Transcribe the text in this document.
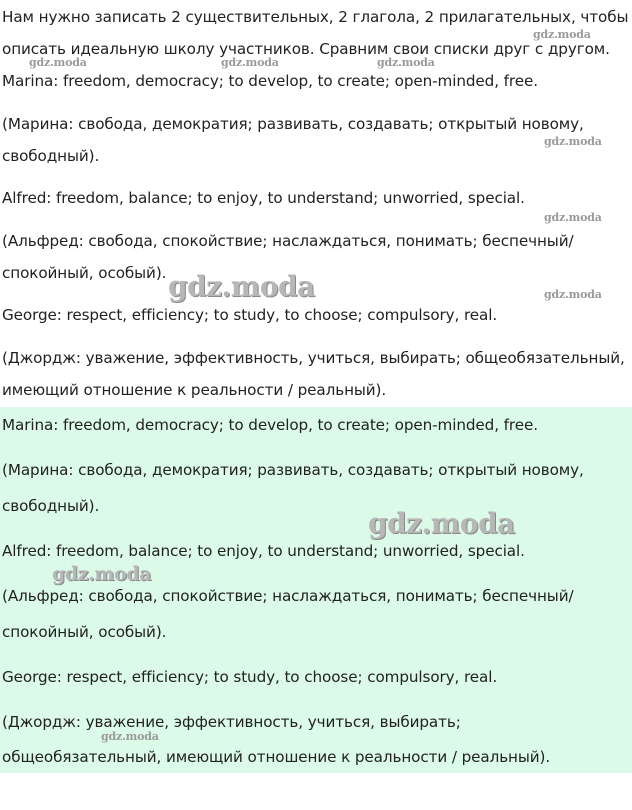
Нам нужно записать 2 существительных, 2 глагола, 2 прилагательных, чтобы

описать идеальную школу участников. Сравним свои списки друг с другом.

Marina: freedom, democracy; to develop, to create; open-minded, free.

(Марина: свобода, демократия; развивать, создавать; открытый новому,

свободный).

Alfred: freedom, balance; to enjoy, to understand; unworried, special.

(Альфред: свобода, спокойствие; наслаждаться, понимать; беспечный/

спокойный, особый).

George: respect, efficiency; to study, to choose; compulsory, real.

(Джордж: уважение, эффективность, учиться, выбирать; общеобязательный,

имеющий отношение к реальности / реальный).

Marina: freedom, democracy; to develop, to create; open-minded, free.

(Марина: свобода, демократия; развивать, создавать; открытый новому,

свободный).

Alfred: freedom, balance; to enjoy, to understand; unworried, special.

(Альфред: свобода, спокойствие; наслаждаться, понимать; беспечный/

спокойный, особый).

George: respect, efficiency; to study, to choose; compulsory, real.

(Джордж: уважение, эффективность, учиться, выбирать;

общеобязательный, имеющий отношение к реальности / реальный).

gdz.moda
gdz.moda	gdz.moda	gdz.moda
gdz.moda
gdz.moda
gdz.moda
gdz.moda
gdz.moda
gdz.moda
gdz.moda
